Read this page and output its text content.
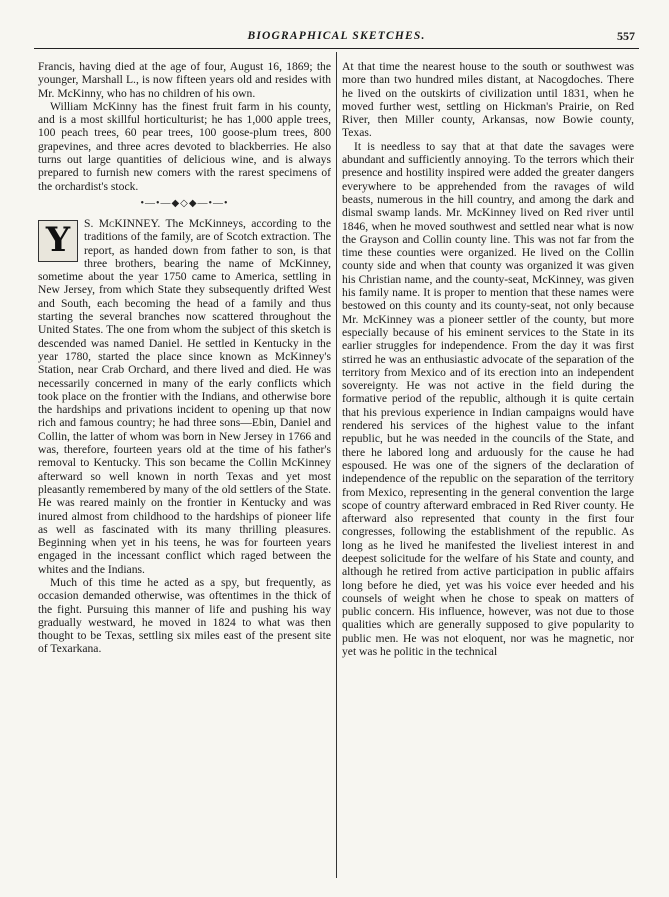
BIOGRAPHICAL SKETCHES.	557

Francis, having died at the age of four, August 16, 1869; the younger, Marshall L., is now fifteen years old and resides with Mr. McKinny, who has no children of his own.

William McKinny has the finest fruit farm in his county, and is a most skillful horticulturist; he has 1,000 apple trees, 100 peach trees, 60 pear trees, 100 goose-plum trees, 800 grapevines, and three acres devoted to blackberries. He also turns out large quantities of delicious wine, and is always prepared to furnish new comers with the rarest specimens of the orchardist's stock.

•—•—◆◇◆—•—•

Y S. McKINNEY. The McKinneys, according to the traditions of the family, are of Scotch extraction. The report, as handed down from father to son, is that three brothers, bearing the name of McKinney, sometime about the year 1750 came to America, settling in New Jersey, from which State they subsequently drifted West and South, each becoming the head of a family and thus starting the several branches now scattered throughout the United States. The one from whom the subject of this sketch is descended was named Daniel. He settled in Kentucky in the year 1780, started the place since known as McKinney's Station, near Crab Orchard, and there lived and died. He was necessarily concerned in many of the early conflicts which took place on the frontier with the Indians, and otherwise bore the hardships and privations incident to opening up that now rich and famous country; he had three sons—Ebin, Daniel and Collin, the latter of whom was born in New Jersey in 1766 and was, therefore, fourteen years old at the time of his father's removal to Kentucky. This son became the Collin McKinney afterward so well known in north Texas and yet most pleasantly remembered by many of the old settlers of the State. He was reared mainly on the frontier in Kentucky and was inured almost from childhood to the hardships of pioneer life as well as fascinated with its many thrilling pleasures. Beginning when yet in his teens, he was for fourteen years engaged in the incessant conflict which raged between the whites and the Indians.

Much of this time he acted as a spy, but frequently, as occasion demanded otherwise, was oftentimes in the thick of the fight. Pursuing this manner of life and pushing his way gradually westward, he moved in 1824 to what was then thought to be Texas, settling six miles east of the present site of Texarkana.

At that time the nearest house to the south or southwest was more than two hundred miles distant, at Nacogdoches. There he lived on the outskirts of civilization until 1831, when he moved further west, settling on Hickman's Prairie, on Red River, then Miller county, Arkansas, now Bowie county, Texas.

It is needless to say that at that date the savages were abundant and sufficiently annoying. To the terrors which their presence and hostility inspired were added the greater dangers everywhere to be apprehended from the ravages of wild beasts, numerous in the hill country, and among the dark and dismal swamp lands. Mr. McKinney lived on Red river until 1846, when he moved southwest and settled near what is now the Grayson and Collin county line. This was not far from the time these counties were organized. He lived on the Collin county side and when that county was organized it was given his Christian name, and the county-seat, McKinney, was given his family name. It is proper to mention that these names were bestowed on this county and its county-seat, not only because Mr. McKinney was a pioneer settler of the county, but more especially because of his eminent services to the State in its earlier struggles for independence. From the day it was first stirred he was an enthusiastic advocate of the separation of the territory from Mexico and of its erection into an independent sovereignty. He was not active in the field during the formative period of the republic, although it is quite certain that his previous experience in Indian campaigns would have rendered his services of the highest value to the infant republic, but he was needed in the councils of the State, and there he labored long and arduously for the cause he had espoused. He was one of the signers of the declaration of independence of the republic on the separation of the territory from Mexico, representing in the general convention the large scope of country afterward embraced in Red River county. He afterward also represented that county in the first four congresses, following the establishment of the republic. As long as he lived he manifested the liveliest interest in and deepest solicitude for the welfare of his State and county, and although he retired from active participation in public affairs long before he died, yet was his voice ever heeded and his counsels of weight when he chose to speak on matters of public concern. His influence, however, was not due to those qualities which are generally supposed to give popularity to public men. He was not eloquent, nor was he magnetic, nor yet was he politic in the technical
